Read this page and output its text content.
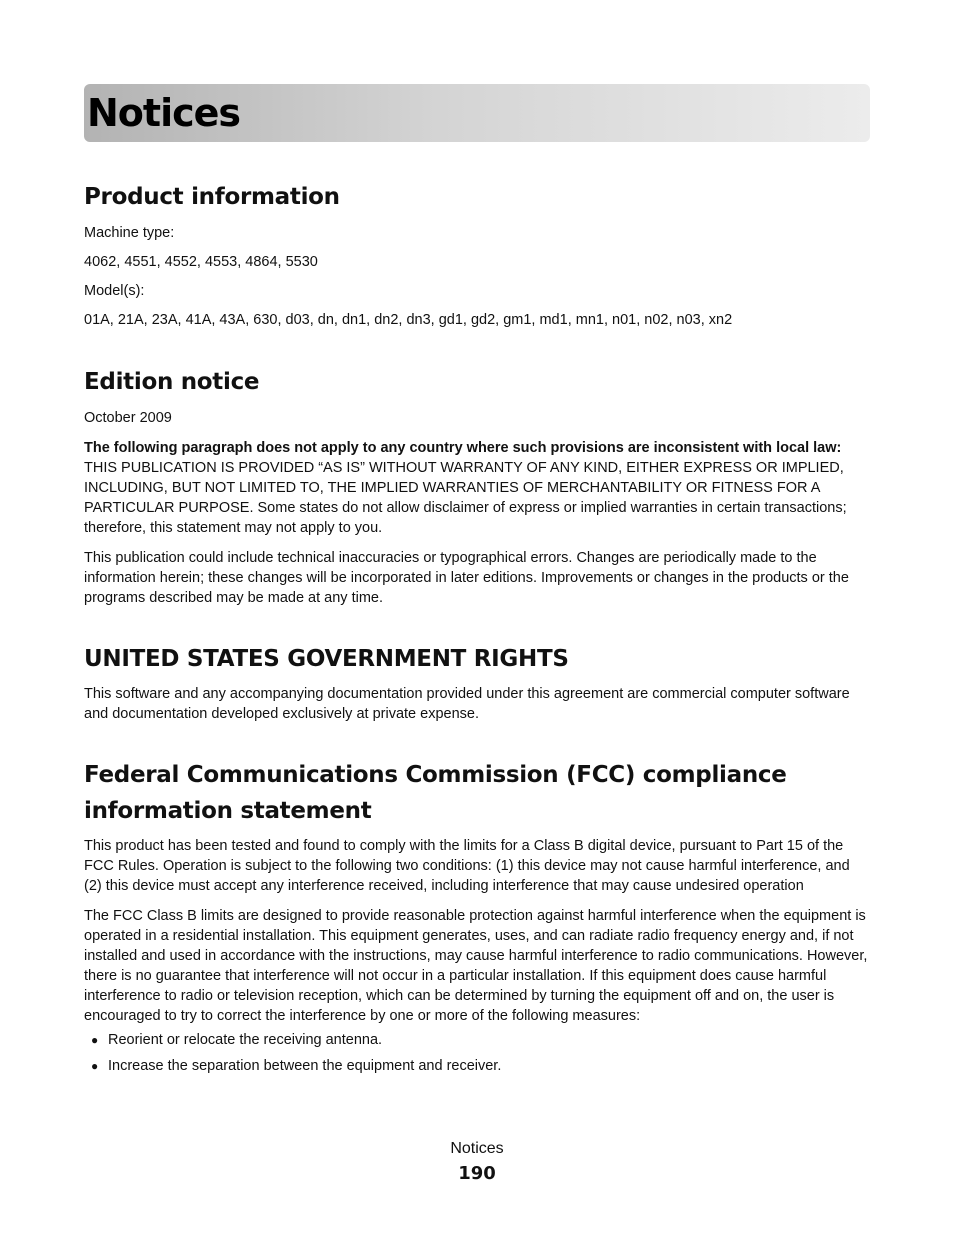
Notices
Product information

Machine type:

4062, 4551, 4552, 4553, 4864, 5530

Model(s):

01A, 21A, 23A, 41A, 43A, 630, d03, dn, dn1, dn2, dn3, gd1, gd2, gm1, md1, mn1, n01, n02, n03, xn2

Edition notice

October 2009

The following paragraph does not apply to any country where such provisions are inconsistent with local law: THIS PUBLICATION IS PROVIDED “AS IS” WITHOUT WARRANTY OF ANY KIND, EITHER EXPRESS OR IMPLIED, INCLUDING, BUT NOT LIMITED TO, THE IMPLIED WARRANTIES OF MERCHANTABILITY OR FITNESS FOR A PARTICULAR PURPOSE. Some states do not allow disclaimer of express or implied warranties in certain transactions; therefore, this statement may not apply to you.

This publication could include technical inaccuracies or typographical errors. Changes are periodically made to the information herein; these changes will be incorporated in later editions. Improvements or changes in the products or the programs described may be made at any time.

UNITED STATES GOVERNMENT RIGHTS

This software and any accompanying documentation provided under this agreement are commercial computer software and documentation developed exclusively at private expense.

Federal Communications Commission (FCC) compliance information statement

This product has been tested and found to comply with the limits for a Class B digital device, pursuant to Part 15 of the FCC Rules. Operation is subject to the following two conditions: (1) this device may not cause harmful interference, and (2) this device must accept any interference received, including interference that may cause undesired operation

The FCC Class B limits are designed to provide reasonable protection against harmful interference when the equipment is operated in a residential installation. This equipment generates, uses, and can radiate radio frequency energy and, if not installed and used in accordance with the instructions, may cause harmful interference to radio communications. However, there is no guarantee that interference will not occur in a particular installation. If this equipment does cause harmful interference to radio or television reception, which can be determined by turning the equipment off and on, the user is encouraged to try to correct the interference by one or more of the following measures:

● Reorient or relocate the receiving antenna.
● Increase the separation between the equipment and receiver.
Notices
190
